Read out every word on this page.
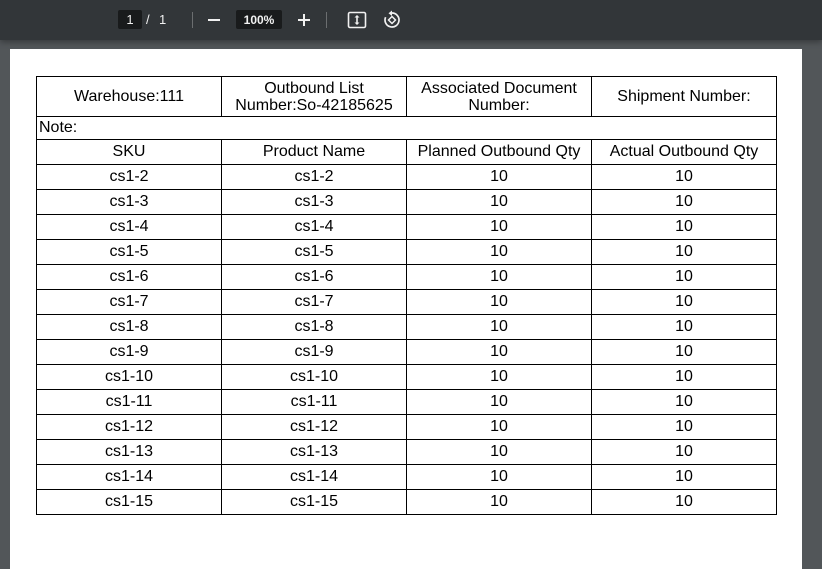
1
/ 1
100%
Warehouse:111	Outbound List Number:So-42185625	Associated Document Number:	Shipment Number:
Note:			
SKU	Product Name	Planned Outbound Qty	Actual Outbound Qty
cs1-2	cs1-2	10	10
cs1-3	cs1-3	10	10
cs1-4	cs1-4	10	10
cs1-5	cs1-5	10	10
cs1-6	cs1-6	10	10
cs1-7	cs1-7	10	10
cs1-8	cs1-8	10	10
cs1-9	cs1-9	10	10
cs1-10	cs1-10	10	10
cs1-11	cs1-11	10	10
cs1-12	cs1-12	10	10
cs1-13	cs1-13	10	10
cs1-14	cs1-14	10	10
cs1-15	cs1-15	10	10
